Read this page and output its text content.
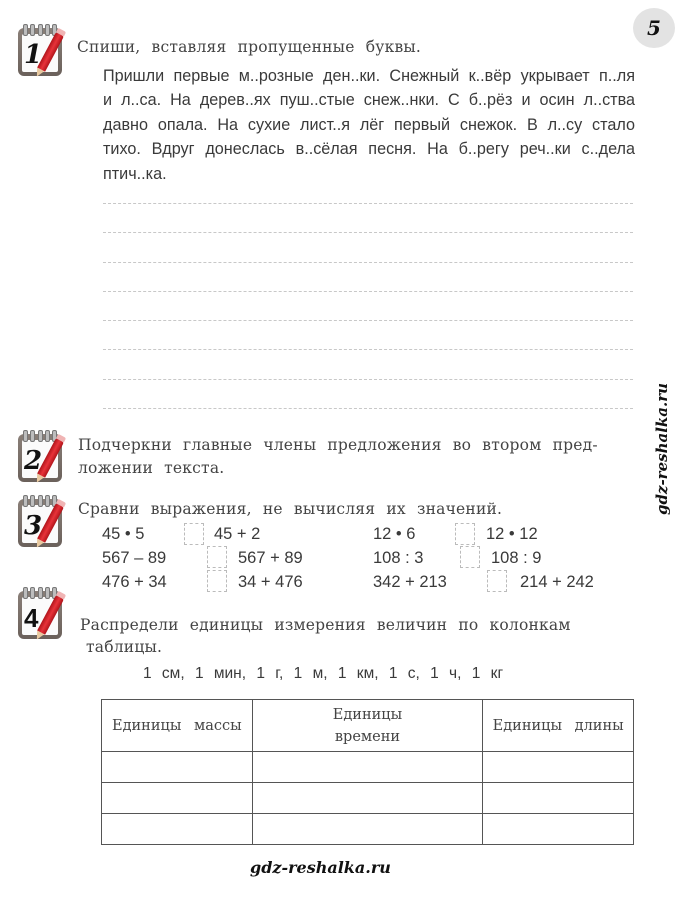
5
1 Спиши, вставляя пропущенные буквы.
Пришли первые м..розные ден..ки. Снежный к..вёр укрывает п..ля и л..са. На дерев..ях пуш..стые снеж..нки. С б..рёз и осин л..ства давно опала. На сухие лист..я лёг первый снежок. В л..су стало тихо. Вдруг донеслась в..сёлая песня. На б..регу реч..ки с..дела птич..ка.
2
Подчеркни главные члены предложения во втором пред-
ложении текста.
3
Сравни выражения, не вычисляя их значений.
45 • 5	45 + 2
567 – 89	567 + 89
476 + 34	34 + 476
12 • 6	12 • 12
108 : 3	108 : 9
342 + 213	214 + 242
4	Распредели единицы измерения величин по колонкам
таблицы.
1 см, 1 мин, 1 г, 1 м, 1 км, 1 с, 1 ч, 1 кг
Единицы массы	Единицы времени	Единицы длины

gdz-reshalka.ru
gdz-reshalka.ru
